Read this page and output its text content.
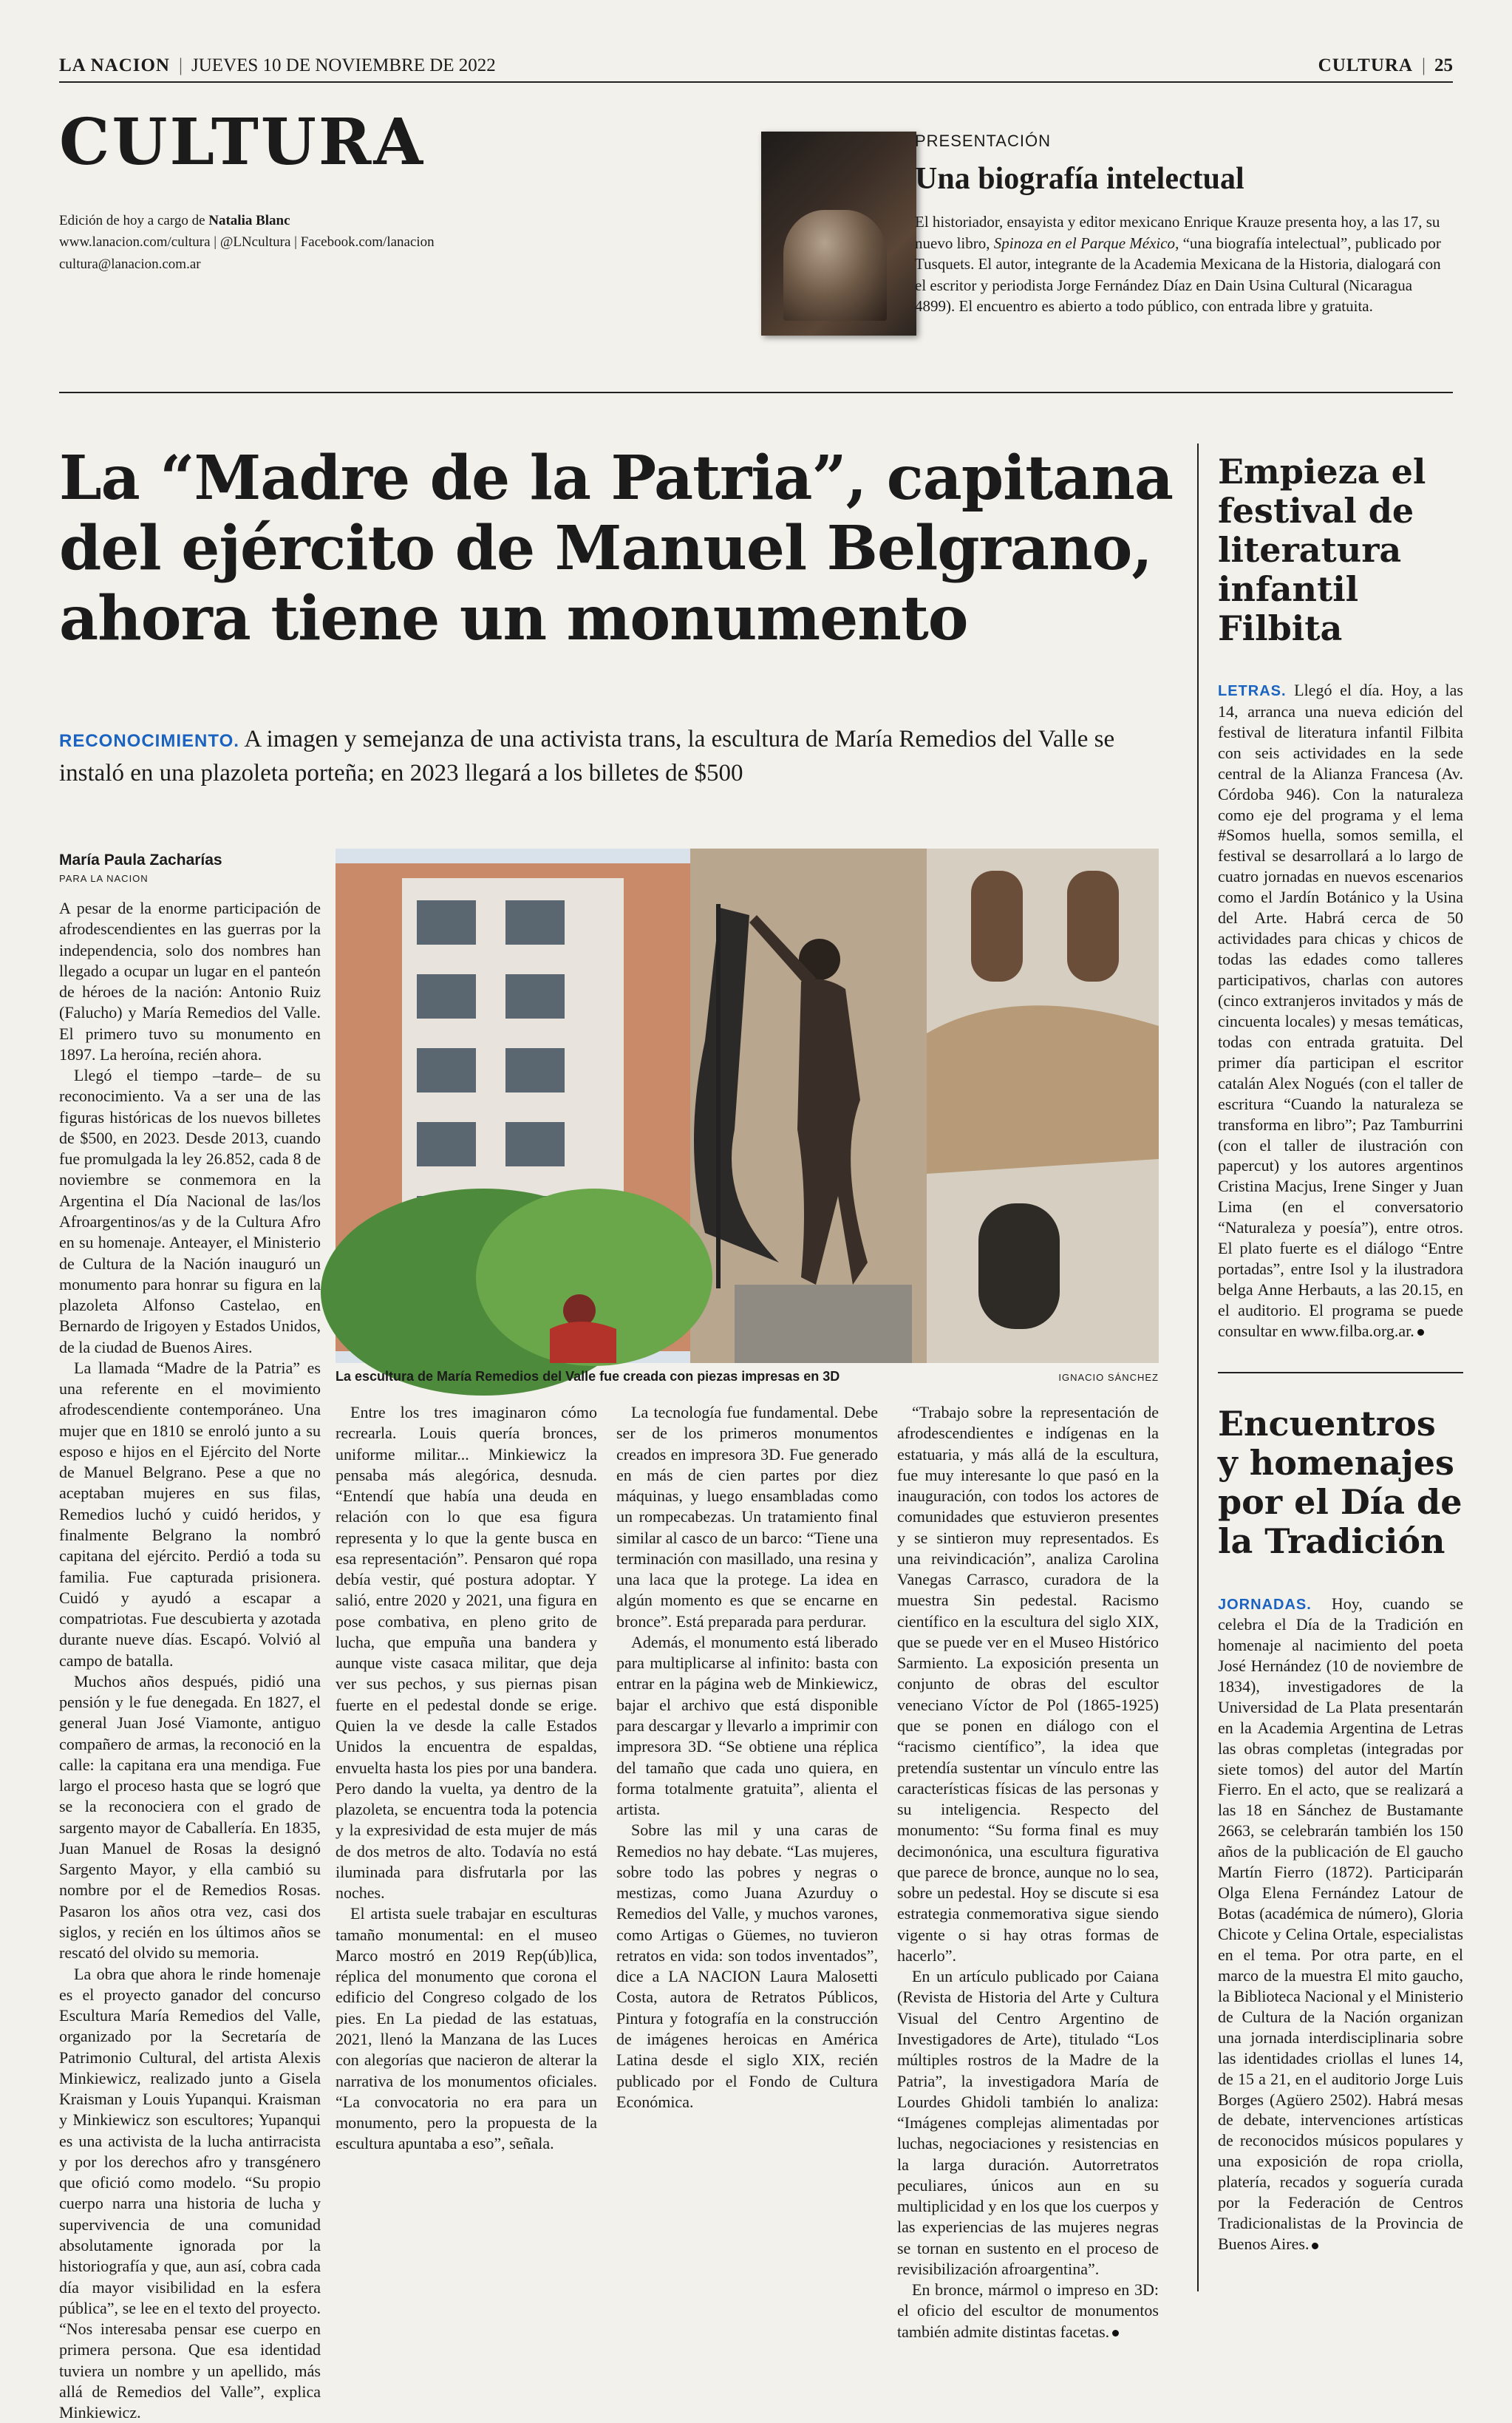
LA NACION | JUEVES 10 DE NOVIEMBRE DE 2022	CULTURA | 25
CULTURA
Edición de hoy a cargo de Natalia Blanc
www.lanacion.com/cultura | @LNcultura | Facebook.com/lanacion
cultura@lanacion.com.ar
PRESENTACIÓN
Una biografía intelectual

El historiador, ensayista y editor mexicano Enrique Krauze presenta hoy, a las 17, su nuevo libro, Spinoza en el Parque México, “una biografía intelectual”, publicado por Tusquets. El autor, integrante de la Academia Mexicana de la Historia, dialogará con el escritor y periodista Jorge Fernández Díaz en Dain Usina Cultural (Nicaragua 4899). El encuentro es abierto a todo público, con entrada libre y gratuita.

La “Madre de la Patria”, capitana del ejército de Manuel Belgrano, ahora tiene un monumento
RECONOCIMIENTO. A imagen y semejanza de una activista trans, la escultura de María Remedios del Valle se instaló en una plazoleta porteña; en 2023 llegará a los billetes de $500
María Paula Zacharías
PARA LA NACION
La escultura de María Remedios del Valle fue creada con piezas impresas en 3D	IGNACIO SÁNCHEZ

A pesar de la enorme participación de afrodescendientes en las guerras por la independencia, solo dos nombres han llegado a ocupar un lugar en el panteón de héroes de la nación: Antonio Ruiz (Falucho) y María Remedios del Valle. El primero tuvo su monumento en 1897. La heroína, recién ahora.

Llegó el tiempo –tarde– de su reconocimiento. Va a ser una de las figuras históricas de los nuevos billetes de $500, en 2023. Desde 2013, cuando fue promulgada la ley 26.852, cada 8 de noviembre se conmemora en la Argentina el Día Nacional de las/los Afroargentinos/as y de la Cultura Afro en su homenaje. Anteayer, el Ministerio de Cultura de la Nación inauguró un monumento para honrar su figura en la plazoleta Alfonso Castelao, en Bernardo de Irigoyen y Estados Unidos, de la ciudad de Buenos Aires.

La llamada “Madre de la Patria” es una referente en el movimiento afrodescendiente contemporáneo. Una mujer que en 1810 se enroló junto a su esposo e hijos en el Ejército del Norte de Manuel Belgrano. Pese a que no aceptaban mujeres en sus filas, Remedios luchó y cuidó heridos, y finalmente Belgrano la nombró capitana del ejército. Perdió a toda su familia. Fue capturada prisionera. Cuidó y ayudó a escapar a compatriotas. Fue descubierta y azotada durante nueve días. Escapó. Volvió al campo de batalla.

Muchos años después, pidió una pensión y le fue denegada. En 1827, el general Juan José Viamonte, antiguo compañero de armas, la reconoció en la calle: la capitana era una mendiga. Fue largo el proceso hasta que se logró que se la reconociera con el grado de sargento mayor de Caballería. En 1835, Juan Manuel de Rosas la designó Sargento Mayor, y ella cambió su nombre por el de Remedios Rosas. Pasaron los años otra vez, casi dos siglos, y recién en los últimos años se rescató del olvido su memoria.

La obra que ahora le rinde homenaje es el proyecto ganador del concurso Escultura María Remedios del Valle, organizado por la Secretaría de Patrimonio Cultural, del artista Alexis Minkiewicz, realizado junto a Gisela Kraisman y Louis Yupanqui. Kraisman y Minkiewicz son escultores; Yupanqui es una activista de la lucha antirracista y por los derechos afro y transgénero que ofició como modelo. “Su propio cuerpo narra una historia de lucha y supervivencia de una comunidad absolutamente ignorada por la historiografía y que, aun así, cobra cada día mayor visibilidad en la esfera pública”, se lee en el texto del proyecto. “Nos interesaba pensar ese cuerpo en primera persona. Que esa identidad tuviera un nombre y un apellido, más allá de Remedios del Valle”, explica Minkiewicz.

Entre los tres imaginaron cómo recrearla. Louis quería bronces, uniforme militar... Minkiewicz la pensaba más alegórica, desnuda. “Entendí que había una deuda en relación con lo que esa figura representa y lo que la gente busca en esa representación”. Pensaron qué ropa debía vestir, qué postura adoptar. Y salió, entre 2020 y 2021, una figura en pose combativa, en pleno grito de lucha, que empuña una bandera y aunque viste casaca militar, que deja ver sus pechos, y sus piernas pisan fuerte en el pedestal donde se erige. Quien la ve desde la calle Estados Unidos la encuentra de espaldas, envuelta hasta los pies por una bandera. Pero dando la vuelta, ya dentro de la plazoleta, se encuentra toda la potencia y la expresividad de esta mujer de más de dos metros de alto. Todavía no está iluminada para disfrutarla por las noches.

El artista suele trabajar en esculturas tamaño monumental: en el museo Marco mostró en 2019 Rep(úb)lica, réplica del monumento que corona el edificio del Congreso colgado de los pies. En La piedad de las estatuas, 2021, llenó la Manzana de las Luces con alegorías que nacieron de alterar la narrativa de los monumentos oficiales. “La convocatoria no era para un monumento, pero la propuesta de la escultura apuntaba a eso”, señala.

La tecnología fue fundamental. Debe ser de los primeros monumentos creados en impresora 3D. Fue generado en más de cien partes por diez máquinas, y luego ensambladas como un rompecabezas. Un tratamiento final similar al casco de un barco: “Tiene una terminación con masillado, una resina y una laca que la protege. La idea en algún momento es que se encarne en bronce”. Está preparada para perdurar.

Además, el monumento está liberado para multiplicarse al infinito: basta con entrar en la página web de Minkiewicz, bajar el archivo que está disponible para descargar y llevarlo a imprimir con impresora 3D. “Se obtiene una réplica del tamaño que cada uno quiera, en forma totalmente gratuita”, alienta el artista.

Sobre las mil y una caras de Remedios no hay debate. “Las mujeres, sobre todo las pobres y negras o mestizas, como Juana Azurduy o Remedios del Valle, y muchos varones, como Artigas o Güemes, no tuvieron retratos en vida: son todos inventados”, dice a LA NACION Laura Malosetti Costa, autora de Retratos Públicos, Pintura y fotografía en la construcción de imágenes heroicas en América Latina desde el siglo XIX, recién publicado por el Fondo de Cultura Económica.

“Trabajo sobre la representación de afrodescendientes e indígenas en la estatuaria, y más allá de la escultura, fue muy interesante lo que pasó en la inauguración, con todos los actores de comunidades que estuvieron presentes y se sintieron muy representados. Es una reivindicación”, analiza Carolina Vanegas Carrasco, curadora de la muestra Sin pedestal. Racismo científico en la escultura del siglo XIX, que se puede ver en el Museo Histórico Sarmiento. La exposición presenta un conjunto de obras del escultor veneciano Víctor de Pol (1865-1925) que se ponen en diálogo con el “racismo científico”, la idea que pretendía sustentar un vínculo entre las características físicas de las personas y su inteligencia. Respecto del monumento: “Su forma final es muy decimonónica, una escultura figurativa que parece de bronce, aunque no lo sea, sobre un pedestal. Hoy se discute si esa estrategia conmemorativa sigue siendo vigente o si hay otras formas de hacerlo”.

En un artículo publicado por Caiana (Revista de Historia del Arte y Cultura Visual del Centro Argentino de Investigadores de Arte), titulado “Los múltiples rostros de la Madre de la Patria”, la investigadora María de Lourdes Ghidoli también lo analiza: “Imágenes complejas alimentadas por luchas, negociaciones y resistencias en la larga duración. Autorretratos peculiares, únicos aun en su multiplicidad y en los que los cuerpos y las experiencias de las mujeres negras se tornan en sustento en el proceso de revisibilización afroargentina”.

En bronce, mármol o impreso en 3D: el oficio del escultor de monumentos también admite distintas facetas.

Empieza el festival de literatura infantil Filbita
LETRAS. Llegó el día. Hoy, a las 14, arranca una nueva edición del festival de literatura infantil Filbita con seis actividades en la sede central de la Alianza Francesa (Av. Córdoba 946). Con la naturaleza como eje del programa y el lema #Somos huella, somos semilla, el festival se desarrollará a lo largo de cuatro jornadas en nuevos escenarios como el Jardín Botánico y la Usina del Arte. Habrá cerca de 50 actividades para chicas y chicos de todas las edades como talleres participativos, charlas con autores (cinco extranjeros invitados y más de cincuenta locales) y mesas temáticas, todas con entrada gratuita. Del primer día participan el escritor catalán Alex Nogués (con el taller de escritura “Cuando la naturaleza se transforma en libro”; Paz Tamburrini (con el taller de ilustración con papercut) y los autores argentinos Cristina Macjus, Irene Singer y Juan Lima (en el conversatorio “Naturaleza y poesía”), entre otros. El plato fuerte es el diálogo “Entre portadas”, entre Isol y la ilustradora belga Anne Herbauts, a las 20.15, en el auditorio. El programa se puede consultar en www.filba.org.ar.
Encuentros y homenajes por el Día de la Tradición
JORNADAS. Hoy, cuando se celebra el Día de la Tradición en homenaje al nacimiento del poeta José Hernández (10 de noviembre de 1834), investigadores de la Universidad de La Plata presentarán en la Academia Argentina de Letras las obras completas (integradas por siete tomos) del autor del Martín Fierro. En el acto, que se realizará a las 18 en Sánchez de Bustamante 2663, se celebrarán también los 150 años de la publicación de El gaucho Martín Fierro (1872). Participarán Olga Elena Fernández Latour de Botas (académica de número), Gloria Chicote y Celina Ortale, especialistas en el tema. Por otra parte, en el marco de la muestra El mito gaucho, la Biblioteca Nacional y el Ministerio de Cultura de la Nación organizan una jornada interdisciplinaria sobre las identidades criollas el lunes 14, de 15 a 21, en el auditorio Jorge Luis Borges (Agüero 2502). Habrá mesas de debate, intervenciones artísticas de reconocidos músicos populares y una exposición de ropa criolla, platería, recados y soguería curada por la Federación de Centros Tradicionalistas de la Provincia de Buenos Aires.
